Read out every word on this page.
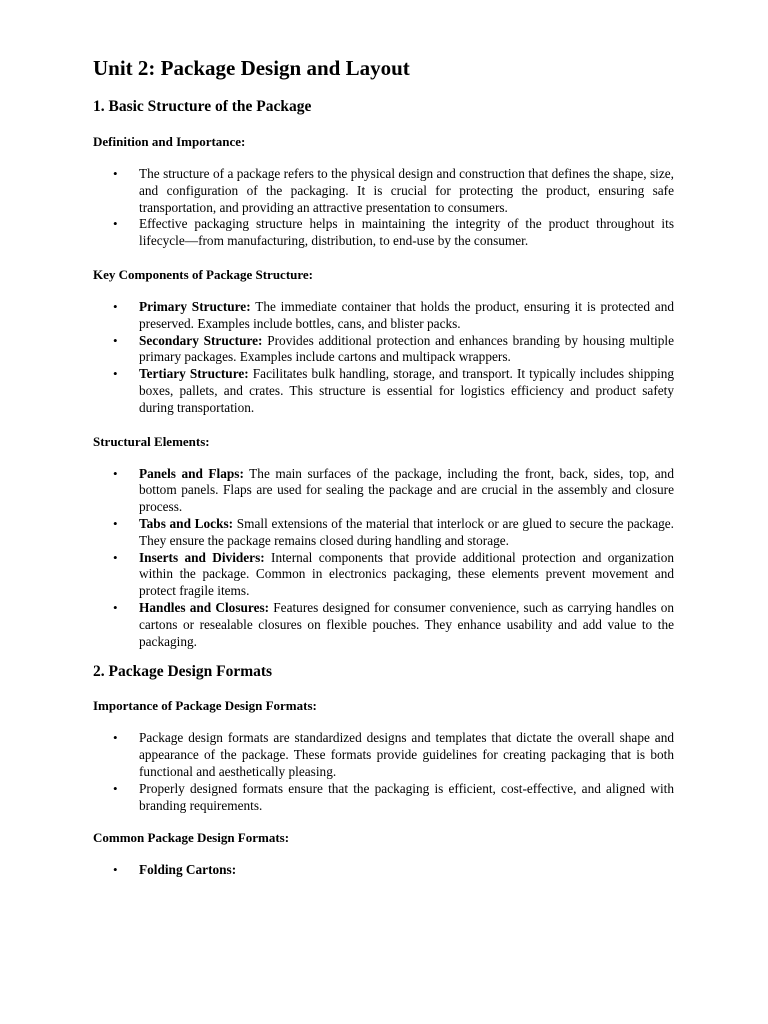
Unit 2: Package Design and Layout
1. Basic Structure of the Package
Definition and Importance:
• The structure of a package refers to the physical design and construction that defines the shape, size, and configuration of the packaging. It is crucial for protecting the product, ensuring safe transportation, and providing an attractive presentation to consumers.
• Effective packaging structure helps in maintaining the integrity of the product throughout its lifecycle—from manufacturing, distribution, to end-use by the consumer.
Key Components of Package Structure:
• Primary Structure: The immediate container that holds the product, ensuring it is protected and preserved. Examples include bottles, cans, and blister packs.
• Secondary Structure: Provides additional protection and enhances branding by housing multiple primary packages. Examples include cartons and multipack wrappers.
• Tertiary Structure: Facilitates bulk handling, storage, and transport. It typically includes shipping boxes, pallets, and crates. This structure is essential for logistics efficiency and product safety during transportation.
Structural Elements:
• Panels and Flaps: The main surfaces of the package, including the front, back, sides, top, and bottom panels. Flaps are used for sealing the package and are crucial in the assembly and closure process.
• Tabs and Locks: Small extensions of the material that interlock or are glued to secure the package. They ensure the package remains closed during handling and storage.
• Inserts and Dividers: Internal components that provide additional protection and organization within the package. Common in electronics packaging, these elements prevent movement and protect fragile items.
• Handles and Closures: Features designed for consumer convenience, such as carrying handles on cartons or resealable closures on flexible pouches. They enhance usability and add value to the packaging.
2. Package Design Formats
Importance of Package Design Formats:
• Package design formats are standardized designs and templates that dictate the overall shape and appearance of the package. These formats provide guidelines for creating packaging that is both functional and aesthetically pleasing.
• Properly designed formats ensure that the packaging is efficient, cost-effective, and aligned with branding requirements.
Common Package Design Formats:
• Folding Cartons:
